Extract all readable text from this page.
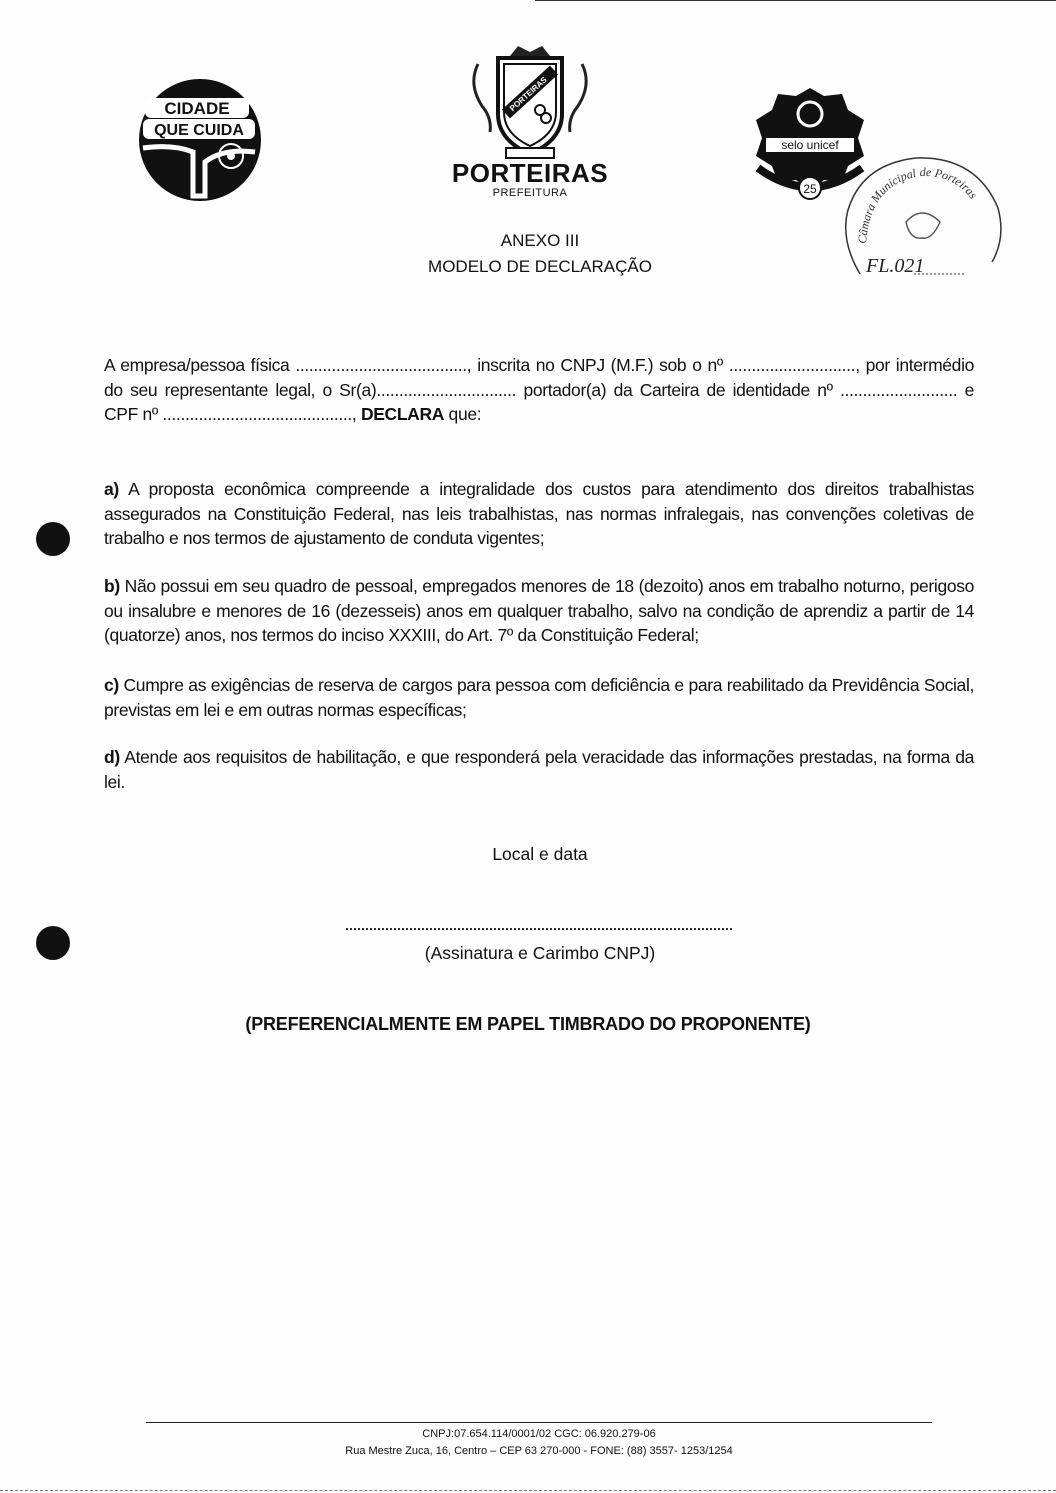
CIDADE
QUE CUIDA
PORTEIRAS
PORTEIRAS
PREFEITURA
selo unicef
25
Câmara Municipal de Porteiras
FL.021
ANEXO III
MODELO DE DECLARAÇÃO
A empresa/pessoa física ......................................, inscrita no CNPJ (M.F.) sob o nº ............................, por intermédio do seu representante legal, o Sr(a)............................... portador(a) da Carteira de identidade nº .......................... e CPF nº .........................................., DECLARA que:
a) A proposta econômica compreende a integralidade dos custos para atendimento dos direitos trabalhistas assegurados na Constituição Federal, nas leis trabalhistas, nas normas infralegais, nas convenções coletivas de trabalho e nos termos de ajustamento de conduta vigentes;
b) Não possui em seu quadro de pessoal, empregados menores de 18 (dezoito) anos em trabalho noturno, perigoso ou insalubre e menores de 16 (dezesseis) anos em qualquer trabalho, salvo na condição de aprendiz a partir de 14 (quatorze) anos, nos termos do inciso XXXIII, do Art. 7º da Constituição Federal;
c) Cumpre as exigências de reserva de cargos para pessoa com deficiência e para reabilitado da Previdência Social, previstas em lei e em outras normas específicas;
d) Atende aos requisitos de habilitação, e que responderá pela veracidade das informações prestadas, na forma da lei.
Local e data
(Assinatura e Carimbo CNPJ)
(PREFERENCIALMENTE EM PAPEL TIMBRADO DO PROPONENTE)
CNPJ:07.654.114/0001/02 CGC: 06.920.279-06
Rua Mestre Zuca, 16, Centro – CEP 63 270-000 - FONE: (88) 3557- 1253/1254
